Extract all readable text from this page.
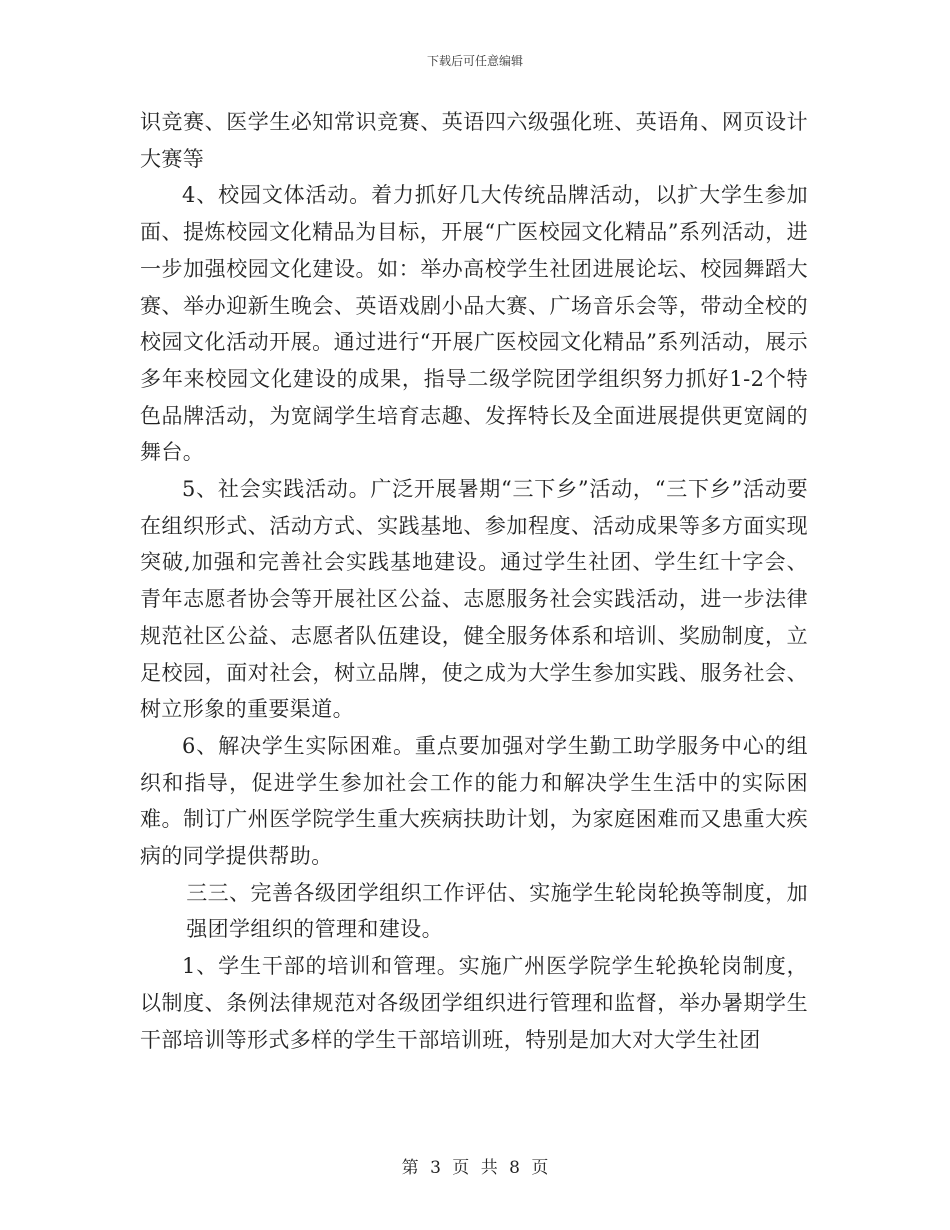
下载后可任意编辑

识竞赛、医学生必知常识竞赛、英语四六级强化班、英语角、网页设计大赛等

4、校园文体活动。着力抓好几大传统品牌活动，以扩大学生参加面、提炼校园文化精品为目标，开展“广医校园文化精品”系列活动，进一步加强校园文化建设。如：举办高校学生社团进展论坛、校园舞蹈大赛、举办迎新生晚会、英语戏剧小品大赛、广场音乐会等，带动全校的校园文化活动开展。通过进行“开展广医校园文化精品”系列活动，展示多年来校园文化建设的成果，指导二级学院团学组织努力抓好1-2个特色品牌活动，为宽阔学生培育志趣、发挥特长及全面进展提供更宽阔的舞台。

5、社会实践活动。广泛开展暑期“三下乡”活动，“三下乡”活动要在组织形式、活动方式、实践基地、参加程度、活动成果等多方面实现突破,加强和完善社会实践基地建设。通过学生社团、学生红十字会、青年志愿者协会等开展社区公益、志愿服务社会实践活动，进一步法律规范社区公益、志愿者队伍建设，健全服务体系和培训、奖励制度，立足校园，面对社会，树立品牌，使之成为大学生参加实践、服务社会、树立形象的重要渠道。

6、解决学生实际困难。重点要加强对学生勤工助学服务中心的组织和指导，促进学生参加社会工作的能力和解决学生生活中的实际困难。制订广州医学院学生重大疾病扶助计划，为家庭困难而又患重大疾病的同学提供帮助。

三三、完善各级团学组织工作评估、实施学生轮岗轮换等制度，加强团学组织的管理和建设。

1、学生干部的培训和管理。实施广州医学院学生轮换轮岗制度，以制度、条例法律规范对各级团学组织进行管理和监督，举办暑期学生干部培训等形式多样的学生干部培训班，特别是加大对大学生社团

第 3 页 共 8 页
